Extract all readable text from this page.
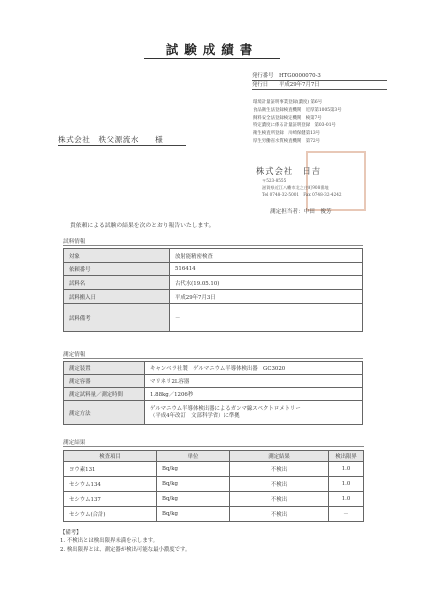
試験成績書
発行番号　 HTG0000070-3
発行日　　 平成29年7月7日
環境計量証明事業登録(濃度) 第6号
食品衛生法登録検査機関　近厚第1005第3号
飼料安全法登録検定機関　検第7号
特定濃度に係る計量証明登録　第03-01号
衛生検査所登録　川崎保健第13号
厚生労働省水質検査機関　第72号
株式会社　秩父源流水　　 様
株式会社　日吉
〒523-8555
滋賀県近江八幡市北之庄町908番地
Tel 0748-32-5001　Fax 0748-32-4242
測定担当者：中田　俊芳
貴依頼による試験の結果を次のとおり報告いたします。
試料情報
対象	放射能精密検査
依頼番号	516414
試料名	古代水(19.05.10)
試料搬入日	平成29年7月3日
試料備考	－
測定情報
測定装置	キャンベラ社製　ゲルマニウム半導体検出器　GC3020
測定容器	マリネリ2L容器
測定試料量／測定時間	1.88kg／1206秒
測定方法	ゲルマニウム半導体検出器によるガンマ線スペクトロメトリー
（平成4年改訂　文部科学省）に準拠
測定結果
検査項目	単位	測定結果	検出限界
ヨウ素131	Bq/kg	不検出	1.0
セシウム134	Bq/kg	不検出	1.0
セシウム137	Bq/kg	不検出	1.0
セシウム(合計)	Bq/kg	不検出	－
【備考】
1. 不検出とは検出限界未満を示します。
2. 検出限界とは、測定器が検出可能な最小濃度です。
